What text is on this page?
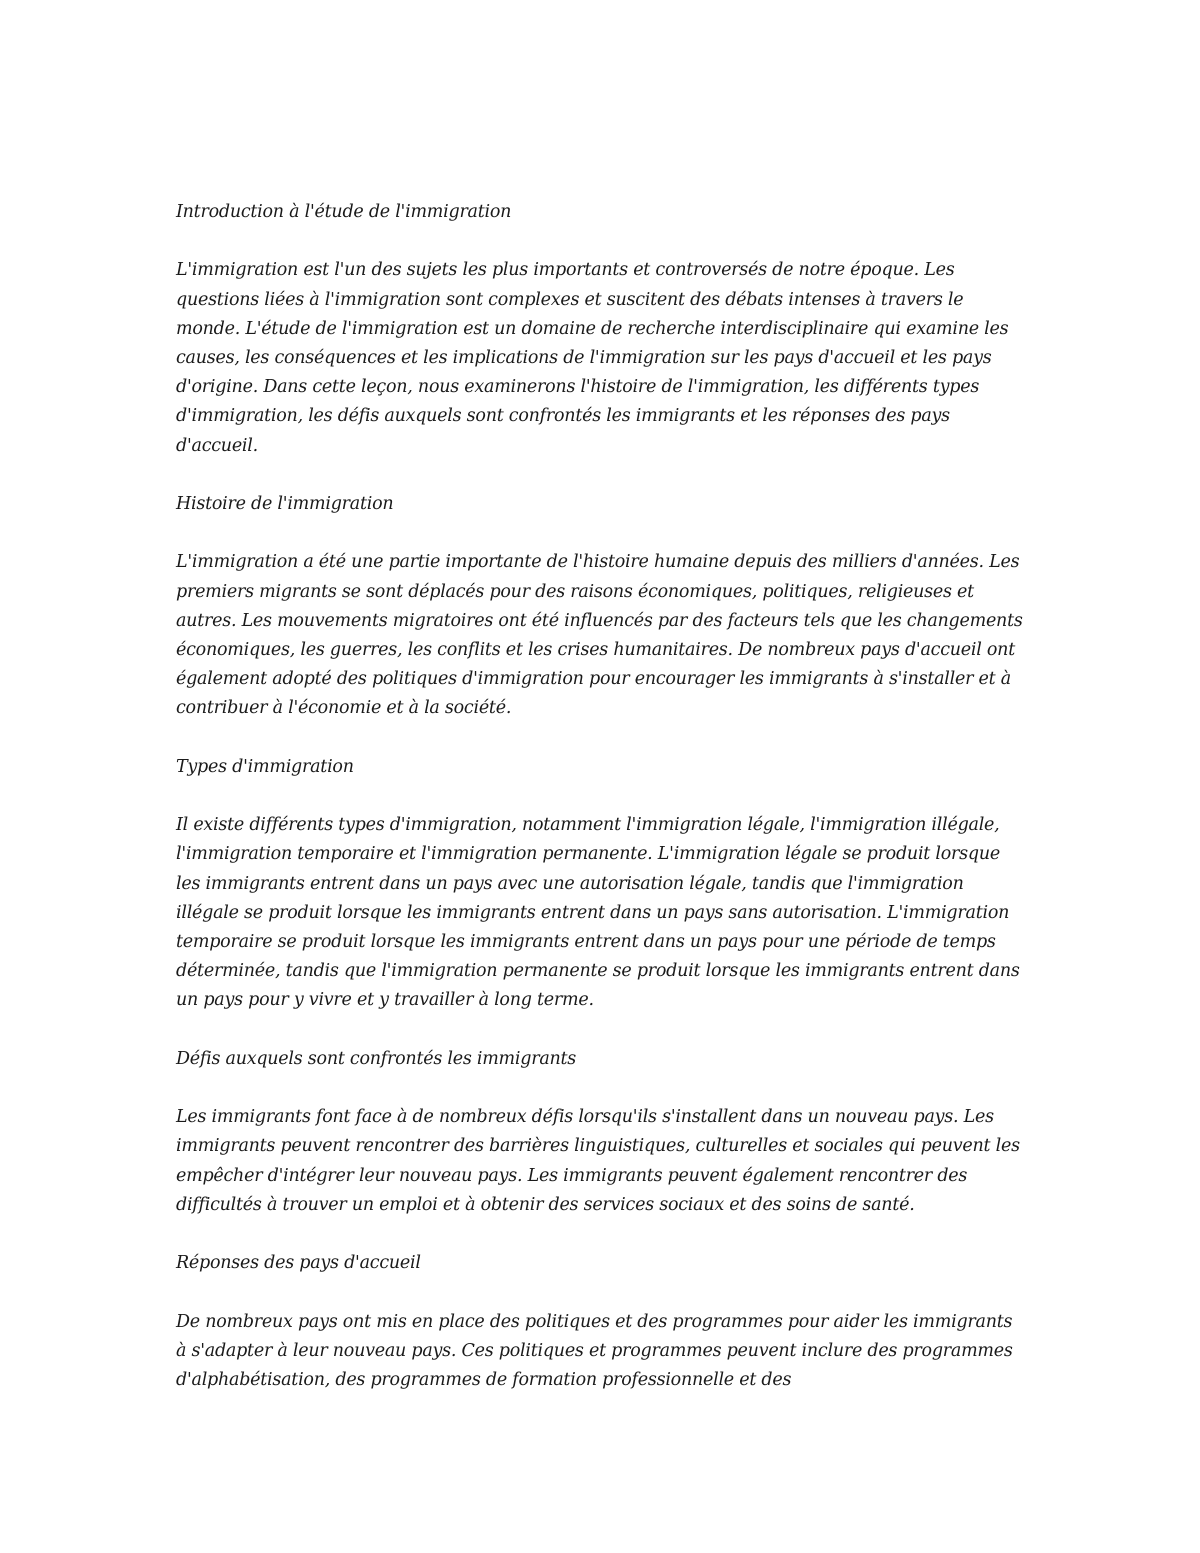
Introduction à l'étude de l'immigration

L'immigration est l'un des sujets les plus importants et controversés de notre époque. Les questions liées à l'immigration sont complexes et suscitent des débats intenses à travers le monde. L'étude de l'immigration est un domaine de recherche interdisciplinaire qui examine les causes, les conséquences et les implications de l'immigration sur les pays d'accueil et les pays d'origine. Dans cette leçon, nous examinerons l'histoire de l'immigration, les différents types d'immigration, les défis auxquels sont confrontés les immigrants et les réponses des pays d'accueil.

Histoire de l'immigration

L'immigration a été une partie importante de l'histoire humaine depuis des milliers d'années. Les premiers migrants se sont déplacés pour des raisons économiques, politiques, religieuses et autres. Les mouvements migratoires ont été influencés par des facteurs tels que les changements économiques, les guerres, les conflits et les crises humanitaires. De nombreux pays d'accueil ont également adopté des politiques d'immigration pour encourager les immigrants à s'installer et à contribuer à l'économie et à la société.

Types d'immigration

Il existe différents types d'immigration, notamment l'immigration légale, l'immigration illégale, l'immigration temporaire et l'immigration permanente. L'immigration légale se produit lorsque les immigrants entrent dans un pays avec une autorisation légale, tandis que l'immigration illégale se produit lorsque les immigrants entrent dans un pays sans autorisation. L'immigration temporaire se produit lorsque les immigrants entrent dans un pays pour une période de temps déterminée, tandis que l'immigration permanente se produit lorsque les immigrants entrent dans un pays pour y vivre et y travailler à long terme.

Défis auxquels sont confrontés les immigrants

Les immigrants font face à de nombreux défis lorsqu'ils s'installent dans un nouveau pays. Les immigrants peuvent rencontrer des barrières linguistiques, culturelles et sociales qui peuvent les empêcher d'intégrer leur nouveau pays. Les immigrants peuvent également rencontrer des difficultés à trouver un emploi et à obtenir des services sociaux et des soins de santé.

Réponses des pays d'accueil

De nombreux pays ont mis en place des politiques et des programmes pour aider les immigrants à s'adapter à leur nouveau pays. Ces politiques et programmes peuvent inclure des programmes d'alphabétisation, des programmes de formation professionnelle et des
